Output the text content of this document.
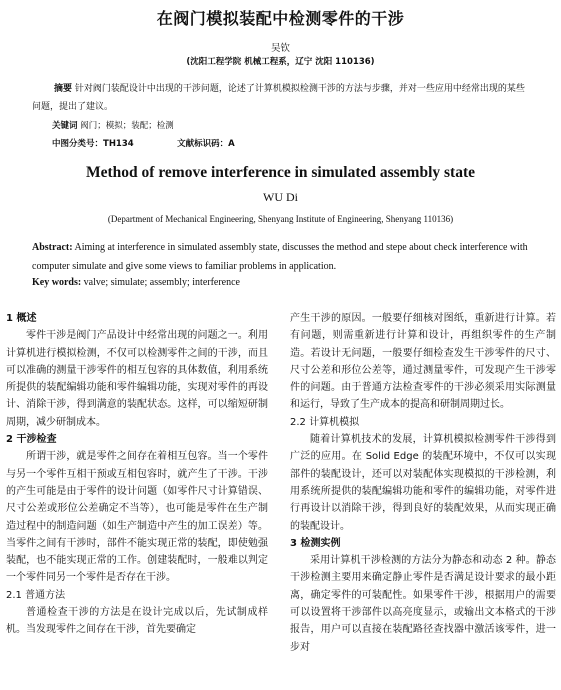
在阀门模拟装配中检测零件的干涉
吴钦
(沈阳工程学院 机械工程系，辽宁 沈阳 110136)
摘要 针对阀门装配设计中出现的干涉问题，论述了计算机模拟检测干涉的方法与步骤，并对一些应用中经常出现的某些问题，提出了建议。
关键词 阀门；模拟；装配；检测
中图分类号：TH134	文献标识码：A
Method of remove interference in simulated assembly state
WU Di
(Department of Mechanical Engineering, Shenyang Institute of Engineering, Shenyang 110136)
Abstract: Aiming at interference in simulated assembly state, discusses the method and stepe about check interference with computer simulate and give some views to familiar problems in application.
Key words: valve; simulate; assembly; interference

1 概述

零件干涉是阀门产品设计中经常出现的问题之一。利用计算机进行模拟检测，不仅可以检测零件之间的干涉，而且可以准确的测量干涉零件的相互包容的具体数值，利用系统所提供的装配编辑功能和零件编辑功能，实现对零件的再设计、消除干涉，得到满意的装配状态。这样，可以缩短研制周期，减少研制成本。

2 干涉检查

所谓干涉，就是零件之间存在着相互包容。当一个零件与另一个零件互相干预或互相包容时，就产生了干涉。干涉的产生可能是由于零件的设计问题（如零件尺寸计算错误、尺寸公差或形位公差确定不当等），也可能是零件在生产制造过程中的制造问题（如生产制造中产生的加工误差）等。当零件之间有干涉时，部件不能实现正常的装配，即使勉强装配，也不能实现正常的工作。创建装配时，一般难以判定一个零件同另一个零件是否存在干涉。

2.1 普通方法

普通检查干涉的方法是在设计完成以后，先试制成样机。当发现零件之间存在干涉，首先要确定

产生干涉的原因。一般要仔细核对图纸，重新进行计算。若有问题，则需重新进行计算和设计，再组织零件的生产制造。若设计无问题，一般要仔细检查发生干涉零件的尺寸、尺寸公差和形位公差等，通过测量零件，可发现产生干涉零件的问题。由于普通方法检查零件的干涉必须采用实际测量和运行，导致了生产成本的提高和研制周期过长。

2.2 计算机模拟

随着计算机技术的发展，计算机模拟检测零件干涉得到广泛的应用。在 Solid Edge 的装配环境中，不仅可以实现部件的装配设计，还可以对装配体实现模拟的干涉检测，利用系统所提供的装配编辑功能和零件的编辑功能，对零件进行再设计以消除干涉，得到良好的装配效果，从而实现正确的装配设计。

3 检测实例

采用计算机干涉检测的方法分为静态和动态 2 种。静态干涉检测主要用来确定静止零件是否满足设计要求的最小距离，确定零件的可装配性。如果零件干涉，根据用户的需要可以设置将干涉部件以高亮度显示，或输出文本格式的干涉报告，用户可以直接在装配路径查找器中激活该零件，进一步对
